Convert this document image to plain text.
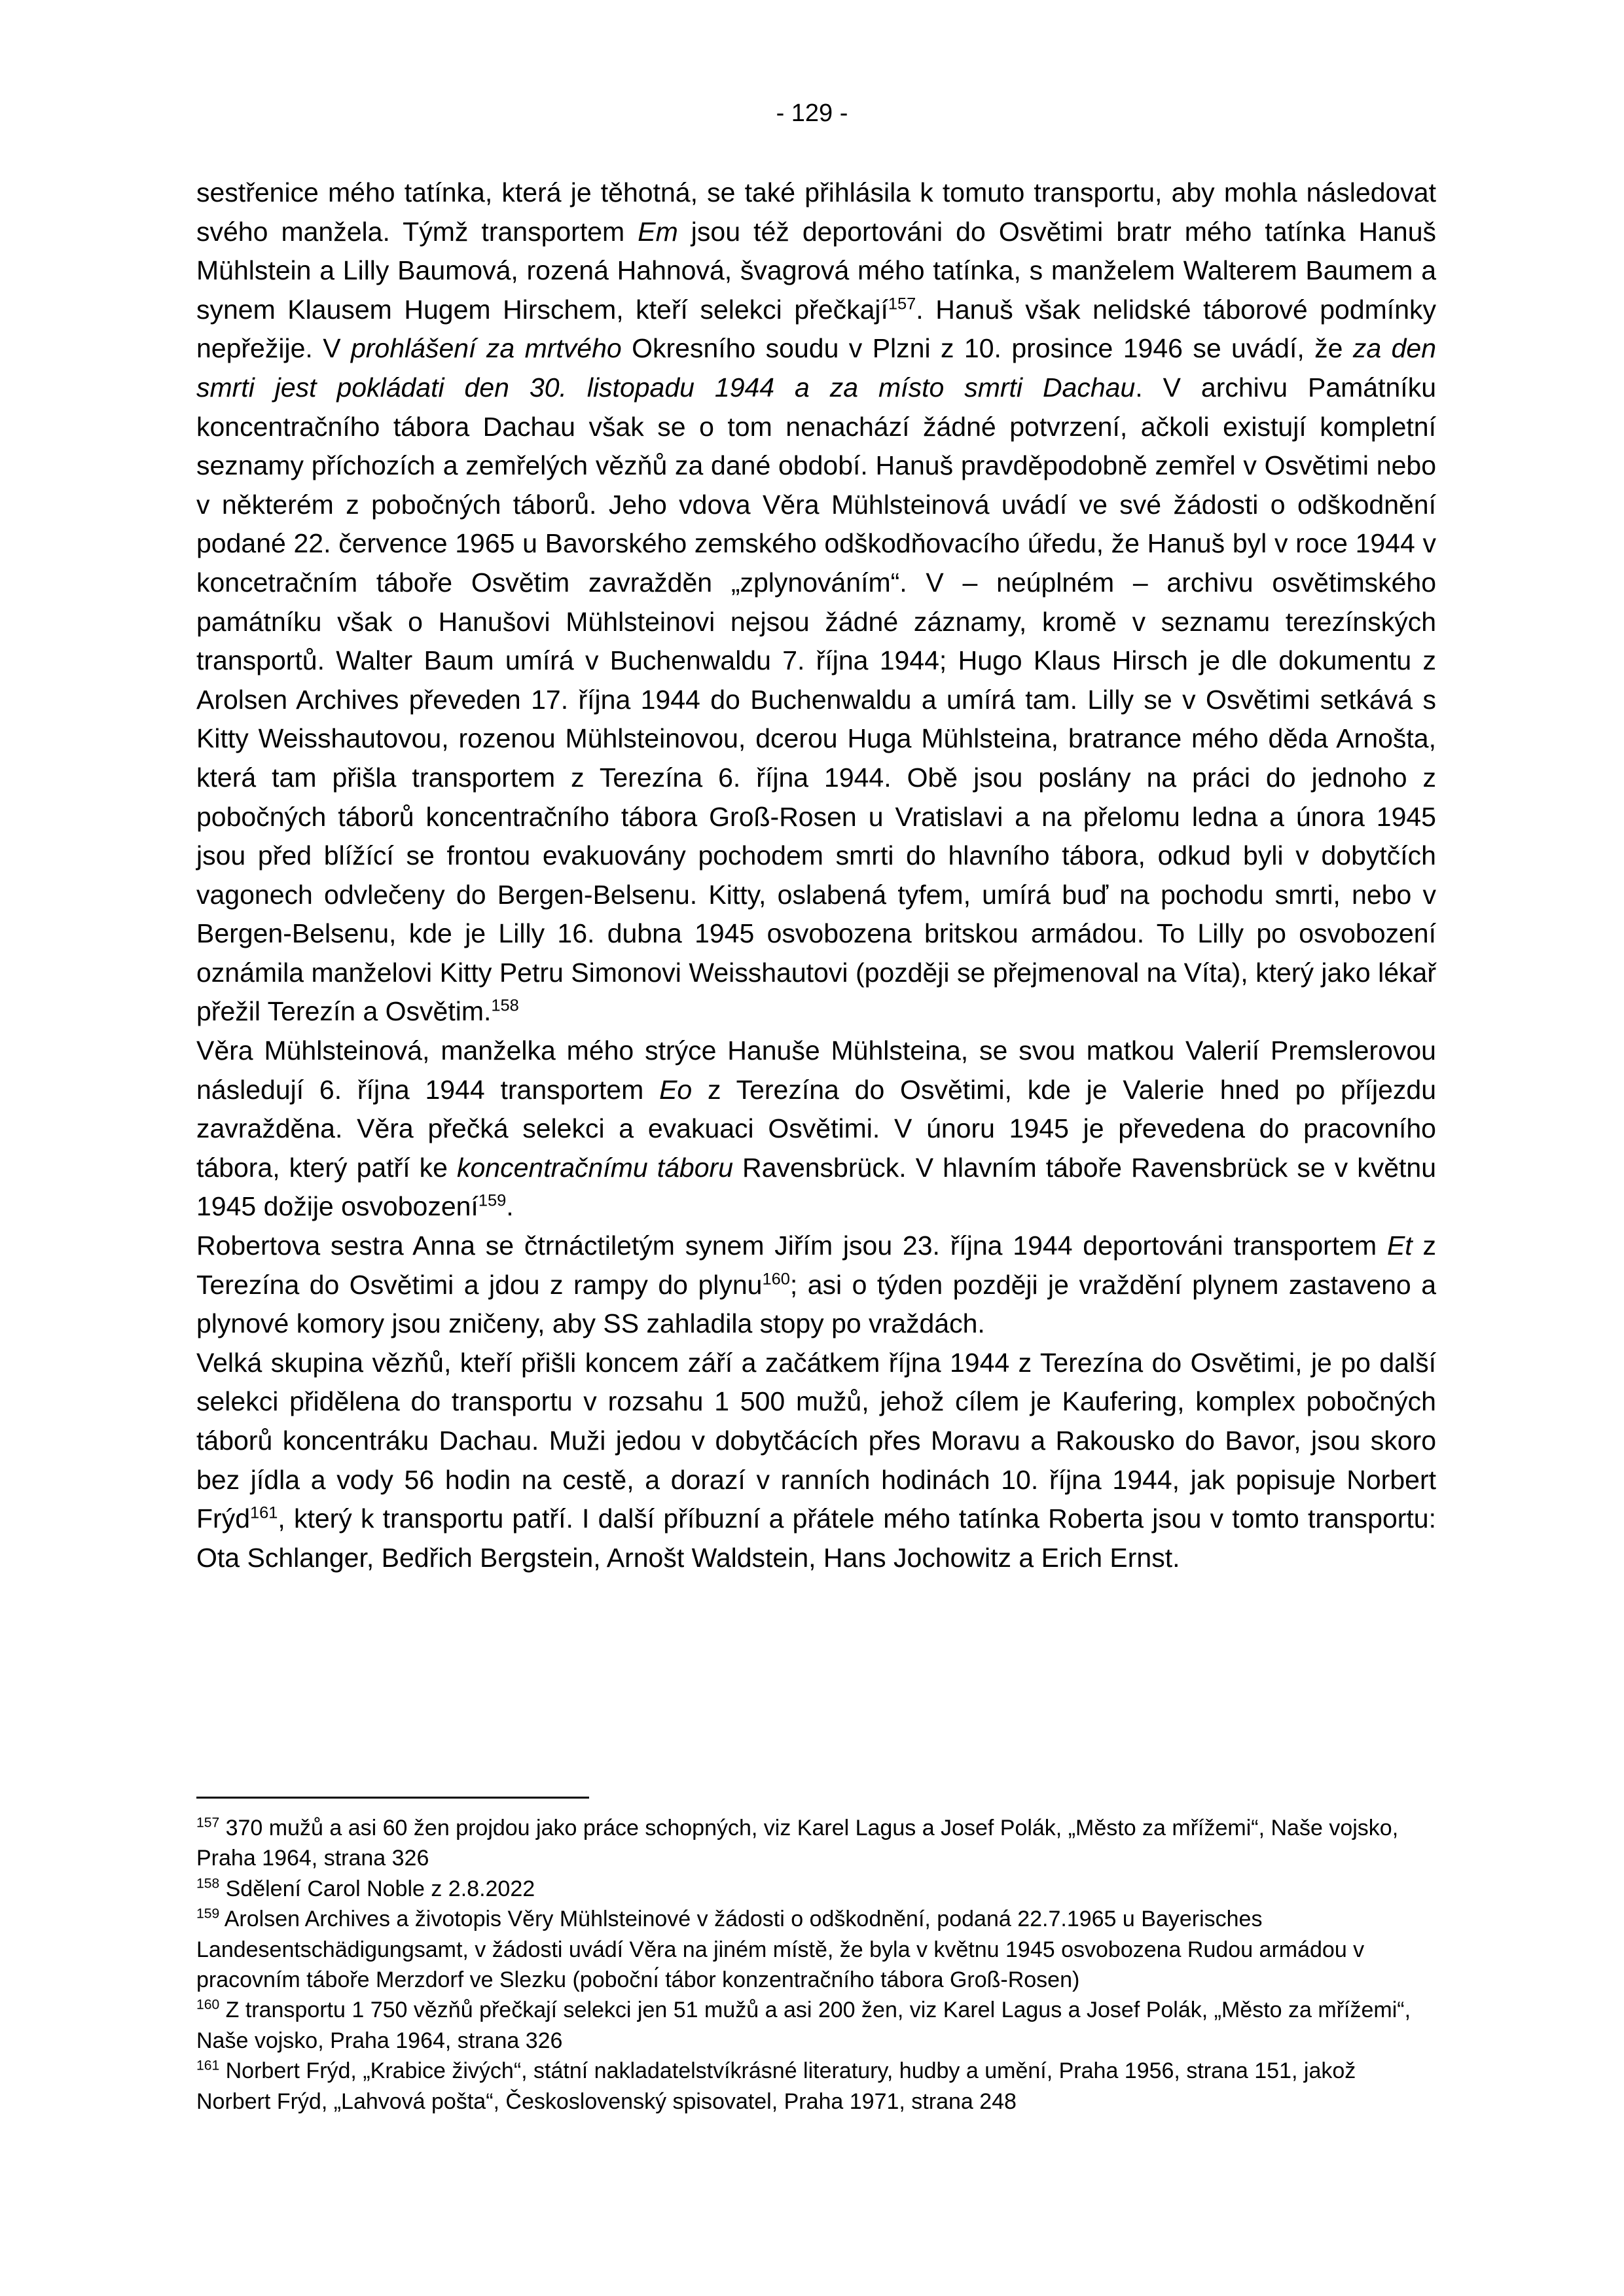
- 129 -

sestřenice mého tatínka, která je těhotná, se také přihlásila k tomuto transportu, aby mohla následovat svého manžela. Týmž transportem Em jsou též deportováni do Osvětimi bratr mého tatínka Hanuš Mühlstein a Lilly Baumová, rozená Hahnová, švagrová mého tatínka, s manželem Walterem Baumem a synem Klausem Hugem Hirschem, kteří selekci přečkají$^{157}$. Hanuš však nelidské táborové podmínky nepřežije. V prohlášení za mrtvého Okresního soudu v Plzni z 10. prosince 1946 se uvádí, že za den smrti jest pokládati den 30. listopadu 1944 a za místo smrti Dachau. V archivu Památníku koncentračního tábora Dachau však se o tom nenachází žádné potvrzení, ačkoli existují kompletní seznamy příchozích a zemřelých vězňů za dané období. Hanuš pravděpodobně zemřel v Osvětimi nebo v některém z pobočných táborů. Jeho vdova Věra Mühlsteinová uvádí ve své žádosti o odškodnění podané 22. července 1965 u Bavorského zemského odškodňovacího úředu, že Hanuš byl v roce 1944 v koncetračním táboře Osvětim zavražděn „zplynováním“. V – neúplném – archivu osvětimského památníku však o Hanušovi Mühlsteinovi nejsou žádné záznamy, kromě v seznamu terezínských transportů. Walter Baum umírá v Buchenwaldu 7. října 1944; Hugo Klaus Hirsch je dle dokumentu z Arolsen Archives převeden 17. října 1944 do Buchenwaldu a umírá tam. Lilly se v Osvětimi setkává s Kitty Weisshautovou, rozenou Mühlsteinovou, dcerou Huga Mühlsteina, bratrance mého děda Arnošta, která tam přišla transportem z Terezína 6. října 1944. Obě jsou poslány na práci do jednoho z pobočných táborů koncentračního tábora Groß-Rosen u Vratislavi a na přelomu ledna a února 1945 jsou před blížící se frontou evakuovány pochodem smrti do hlavního tábora, odkud byli v dobytčích vagonech odvlečeny do Bergen-Belsenu. Kitty, oslabená tyfem, umírá buď na pochodu smrti, nebo v Bergen-Belsenu, kde je Lilly 16. dubna 1945 osvobozena britskou armádou. To Lilly po osvobození oznámila manželovi Kitty Petru Simonovi Weisshautovi (později se přejmenoval na Víta), který jako lékař přežil Terezín a Osvětim.$^{158}$

Věra Mühlsteinová, manželka mého strýce Hanuše Mühlsteina, se svou matkou Valerií Premslerovou následují 6. října 1944 transportem Eo z Terezína do Osvětimi, kde je Valerie hned po příjezdu zavražděna. Věra přečká selekci a evakuaci Osvětimi. V únoru 1945 je převedena do pracovního tábora, který patří ke koncentračnímu táboru Ravensbrück. V hlavním táboře Ravensbrück se v květnu 1945 dožije osvobození$^{159}$.

Robertova sestra Anna se čtrnáctiletým synem Jiřím jsou 23. října 1944 deportováni transportem Et z Terezína do Osvětimi a jdou z rampy do plynu$^{160}$; asi o týden později je vraždění plynem zastaveno a plynové komory jsou zničeny, aby SS zahladila stopy po vraždách.

Velká skupina vězňů, kteří přišli koncem září a začátkem října 1944 z Terezína do Osvětimi, je po další selekci přidělena do transportu v rozsahu 1 500 mužů, jehož cílem je Kaufering, komplex pobočných táborů koncentráku Dachau. Muži jedou v dobytčácích přes Moravu a Rakousko do Bavor, jsou skoro bez jídla a vody 56 hodin na cestě, a dorazí v ranních hodinách 10. října 1944, jak popisuje Norbert Frýd$^{161}$, který k transportu patří. I další příbuzní a přátele mého tatínka Roberta jsou v tomto transportu: Ota Schlanger, Bedřich Bergstein, Arnošt Waldstein, Hans Jochowitz a Erich Ernst.

$^{157}$ 370 mužů a asi 60 žen projdou jako práce schopných, viz Karel Lagus a Josef Polák, „Město za mřížemi“, Naše vojsko, Praha 1964, strana 326

$^{158}$ Sdělení Carol Noble z 2.8.2022

$^{159}$ Arolsen Archives a životopis Věry Mühlsteinové v žádosti o odškodnění, podaná 22.7.1965 u Bayerisches Landesentschädigungsamt, v žádosti uvádí Věra na jiném místě, že byla v květnu 1945 osvobozena Rudou armádou v pracovním táboře Merzdorf ve Slezku (pobočnı́ tábor konzentračního tábora Groß-Rosen)

$^{160}$ Z transportu 1 750 vězňů přečkají selekci jen 51 mužů a asi 200 žen, viz Karel Lagus a Josef Polák, „Město za mřížemi“, Naše vojsko, Praha 1964, strana 326

$^{161}$ Norbert Frýd, „Krabice živých“, státní nakladatelstvíkrásné literatury, hudby a umění, Praha 1956, strana 151, jakož Norbert Frýd, „Lahvová pošta“, Československý spisovatel, Praha 1971, strana 248
